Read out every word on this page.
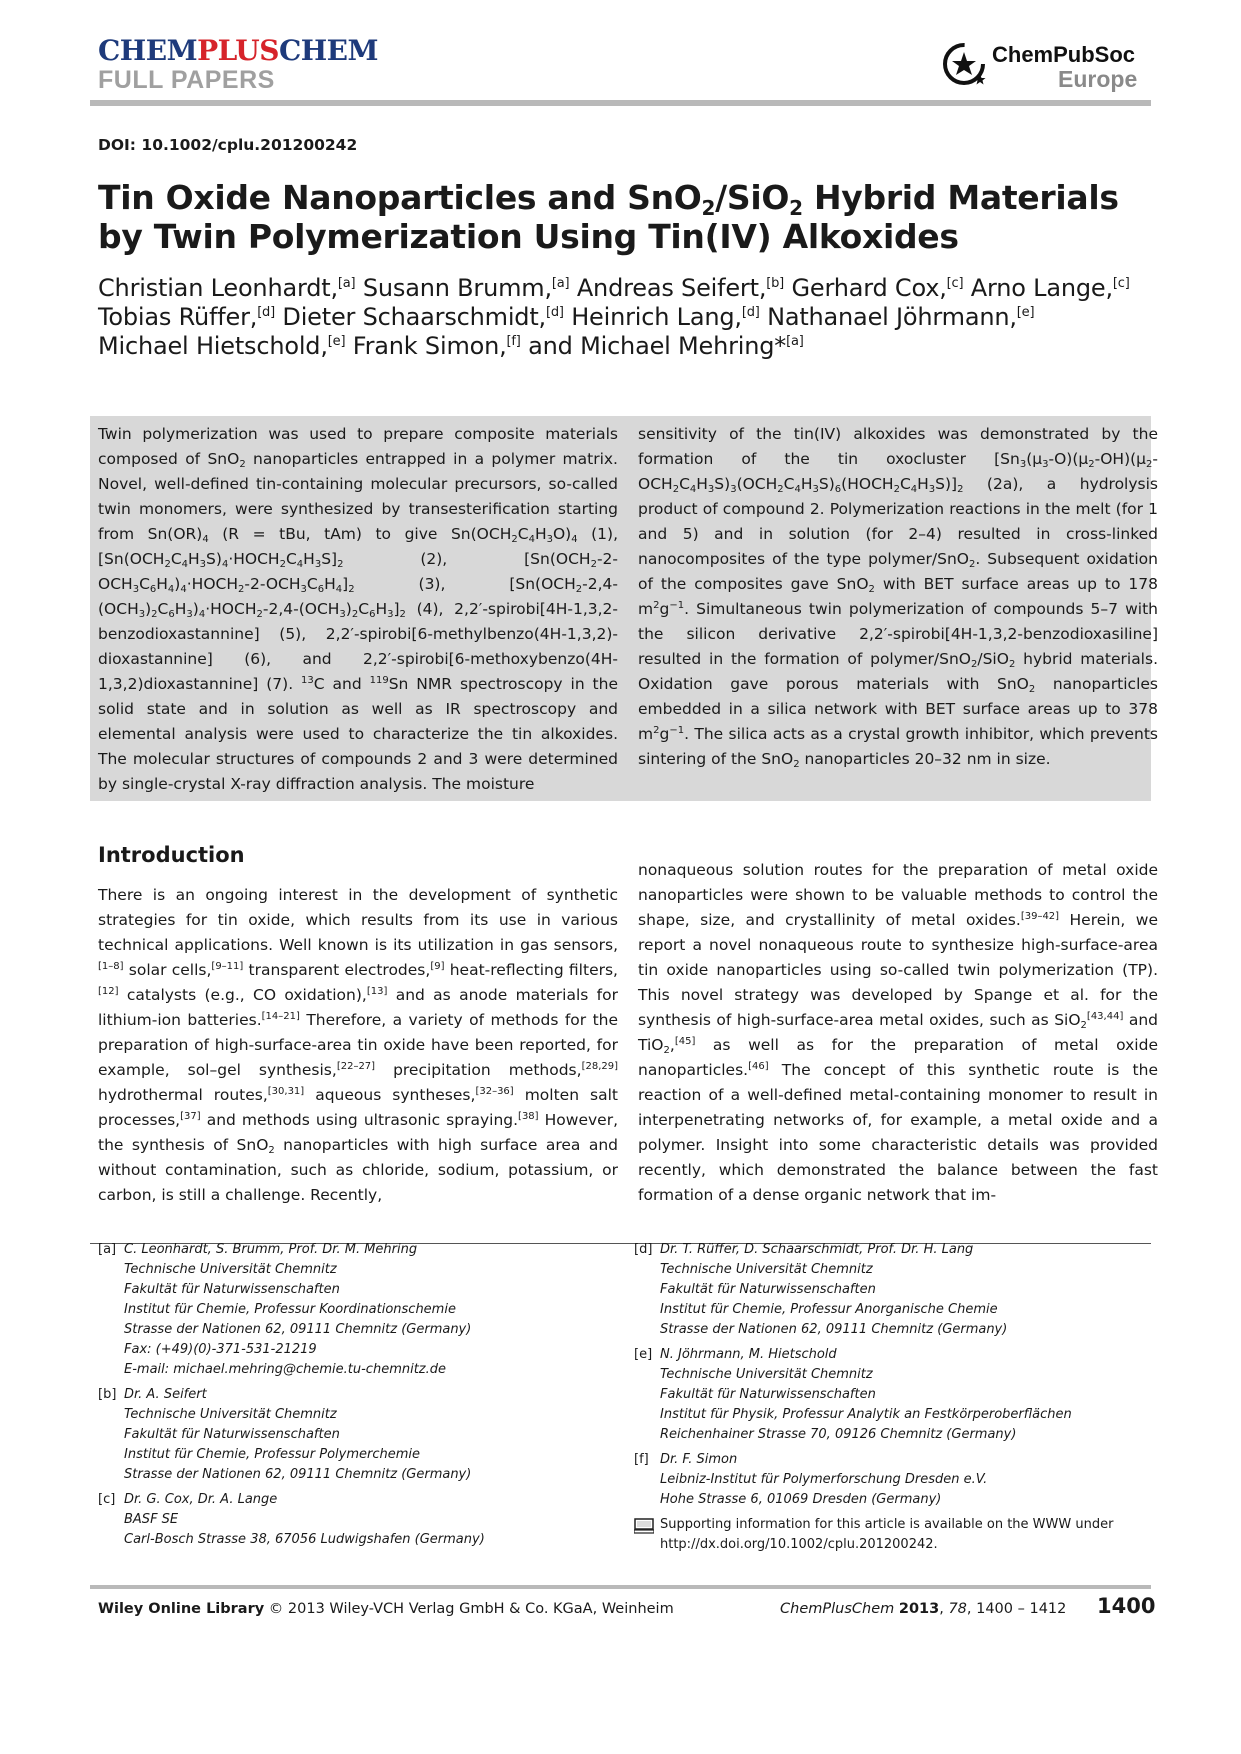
CHEMPLUSCHEM
FULL PAPERS
ChemPubSoc
Europe
DOI: 10.1002/cplu.201200242
Tin Oxide Nanoparticles and SnO$_2$/SiO$_2$ Hybrid Materials
by Twin Polymerization Using Tin(IV) Alkoxides
Christian Leonhardt,[a] Susann Brumm,[a] Andreas Seifert,[b] Gerhard Cox,[c] Arno Lange,[c]
Tobias Rüffer,[d] Dieter Schaarschmidt,[d] Heinrich Lang,[d] Nathanael Jöhrmann,[e]
Michael Hietschold,[e] Frank Simon,[f] and Michael Mehring*[a]
Twin polymerization was used to prepare composite materials composed of SnO$_2$ nanoparticles entrapped in a polymer matrix. Novel, well-defined tin-containing molecular precursors, so-called twin monomers, were synthesized by transesterification starting from $Sn(OR)_4$ (R = tBu, tAm) to give $Sn(OCH_2C_4H_3O)_4$ (1), $[Sn(OCH_2C_4H_3S)_4\cdot HOCH_2C_4H_3S]_2$ (2), $[Sn(OCH_2-2-OCH_3C_6H_4)_4\cdot HOCH_2-2-OCH_3C_6H_4]_2$ (3), $[Sn(OCH_2-2,4-(OCH_3)_2C_6H_3)_4\cdot HOCH_2-2,4-(OCH_3)_2C_6H_3]_2$ (4), 2,2′-spirobi[4H-1,3,2-benzodioxastannine] (5), 2,2′-spirobi[6-methylbenzo(4H-1,3,2)-dioxastannine] (6), and 2,2′-spirobi[6-methoxybenzo(4H-1,3,2)dioxastannine] (7). $^{13}$C and $^{119}$Sn NMR spectroscopy in the solid state and in solution as well as IR spectroscopy and elemental analysis were used to characterize the tin alkoxides. The molecular structures of compounds 2 and 3 were determined by single-crystal X-ray diffraction analysis. The moisture
sensitivity of the tin(IV) alkoxides was demonstrated by the formation of the tin oxocluster $[Sn_3(\mu_3-O)(\mu_2-OH)(\mu_2-OCH_2C_4H_3S)_3(OCH_2C_4H_3S)_6(HOCH_2C_4H_3S)]_2$ (2a), a hydrolysis product of compound 2. Polymerization reactions in the melt (for 1 and 5) and in solution (for 2–4) resulted in cross-linked nanocomposites of the type polymer/SnO$_2$. Subsequent oxidation of the composites gave SnO$_2$ with BET surface areas up to 178 $m^2g^{-1}$. Simultaneous twin polymerization of compounds 5–7 with the silicon derivative 2,2′-spirobi[4H-1,3,2-benzodioxasiline] resulted in the formation of polymer/SnO$_2$/SiO$_2$ hybrid materials. Oxidation gave porous materials with SnO$_2$ nanoparticles embedded in a silica network with BET surface areas up to 378 $m^2g^{-1}$. The silica acts as a crystal growth inhibitor, which prevents sintering of the SnO$_2$ nanoparticles 20–32 nm in size.
Introduction
There is an ongoing interest in the development of synthetic strategies for tin oxide, which results from its use in various technical applications. Well known is its utilization in gas sensors,[1–8] solar cells,[9–11] transparent electrodes,[9] heat-reflecting filters,[12] catalysts (e.g., CO oxidation),[13] and as anode materials for lithium-ion batteries.[14–21] Therefore, a variety of methods for the preparation of high-surface-area tin oxide have been reported, for example, sol–gel synthesis,[22–27] precipitation methods,[28,29] hydrothermal routes,[30,31] aqueous syntheses,[32–36] molten salt processes,[37] and methods using ultrasonic spraying.[38] However, the synthesis of SnO$_2$ nanoparticles with high surface area and without contamination, such as chloride, sodium, potassium, or carbon, is still a challenge. Recently,
nonaqueous solution routes for the preparation of metal oxide nanoparticles were shown to be valuable methods to control the shape, size, and crystallinity of metal oxides.[39–42] Herein, we report a novel nonaqueous route to synthesize high-surface-area tin oxide nanoparticles using so-called twin polymerization (TP). This novel strategy was developed by Spange et al. for the synthesis of high-surface-area metal oxides, such as SiO$_2$[43,44] and TiO$_2$,[45] as well as for the preparation of metal oxide nanoparticles.[46] The concept of this synthetic route is the reaction of a well-defined metal-containing monomer to result in interpenetrating networks of, for example, a metal oxide and a polymer. Insight into some characteristic details was provided recently, which demonstrated the balance between the fast formation of a dense organic network that im-
[a] C. Leonhardt, S. Brumm, Prof. Dr. M. Mehring
Technische Universität Chemnitz
Fakultät für Naturwissenschaften
Institut für Chemie, Professur Koordinationschemie
Strasse der Nationen 62, 09111 Chemnitz (Germany)
Fax: (+49)(0)-371-531-21219
E-mail: michael.mehring@chemie.tu-chemnitz.de
[b] Dr. A. Seifert
Technische Universität Chemnitz
Fakultät für Naturwissenschaften
Institut für Chemie, Professur Polymerchemie
Strasse der Nationen 62, 09111 Chemnitz (Germany)
[c] Dr. G. Cox, Dr. A. Lange
BASF SE
Carl-Bosch Strasse 38, 67056 Ludwigshafen (Germany)
[d] Dr. T. Rüffer, D. Schaarschmidt, Prof. Dr. H. Lang
Technische Universität Chemnitz
Fakultät für Naturwissenschaften
Institut für Chemie, Professur Anorganische Chemie
Strasse der Nationen 62, 09111 Chemnitz (Germany)
[e] N. Jöhrmann, M. Hietschold
Technische Universität Chemnitz
Fakultät für Naturwissenschaften
Institut für Physik, Professur Analytik an Festkörperoberflächen
Reichenhainer Strasse 70, 09126 Chemnitz (Germany)
[f] Dr. F. Simon
Leibniz-Institut für Polymerforschung Dresden e.V.
Hohe Strasse 6, 01069 Dresden (Germany)
Supporting information for this article is available on the WWW under
http://dx.doi.org/10.1002/cplu.201200242.
Wiley Online Library © 2013 Wiley-VCH Verlag GmbH & Co. KGaA, Weinheim	ChemPlusChem 2013, 78, 1400 – 1412 1400
